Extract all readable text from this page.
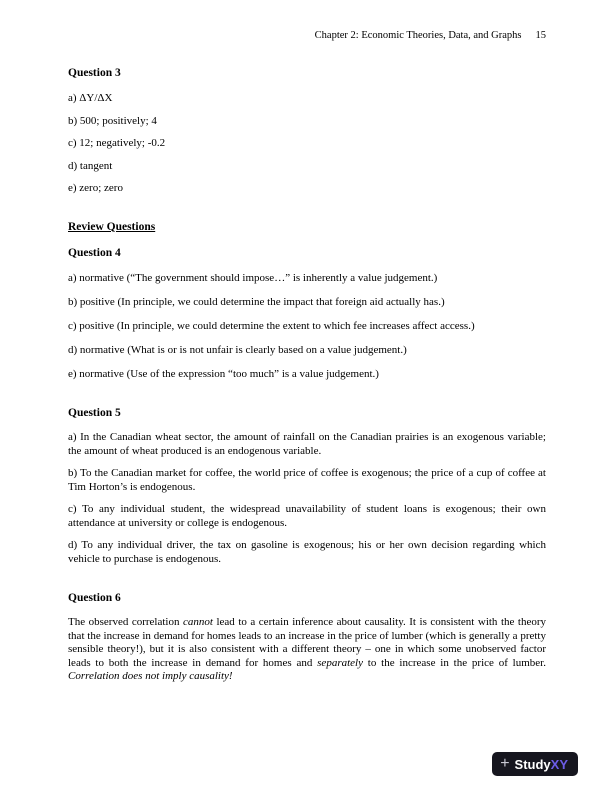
Chapter 2: Economic Theories, Data, and Graphs 15
Question 3
a) ΔY/ΔX
b) 500; positively; 4
c) 12; negatively; -0.2
d) tangent
e) zero; zero
Review Questions
Question 4
a) normative (“The government should impose…” is inherently a value judgement.)
b) positive (In principle, we could determine the impact that foreign aid actually has.)
c) positive (In principle, we could determine the extent to which fee increases affect access.)
d) normative (What is or is not unfair is clearly based on a value judgement.)
e) normative (Use of the expression “too much” is a value judgement.)
Question 5
a) In the Canadian wheat sector, the amount of rainfall on the Canadian prairies is an exogenous variable; the amount of wheat produced is an endogenous variable.
b) To the Canadian market for coffee, the world price of coffee is exogenous; the price of a cup of coffee at Tim Horton’s is endogenous.
c) To any individual student, the widespread unavailability of student loans is exogenous; their own attendance at university or college is endogenous.
d) To any individual driver, the tax on gasoline is exogenous; his or her own decision regarding which vehicle to purchase is endogenous.
Question 6
The observed correlation cannot lead to a certain inference about causality. It is consistent with the theory that the increase in demand for homes leads to an increase in the price of lumber (which is generally a pretty sensible theory!), but it is also consistent with a different theory – one in which some unobserved factor leads to both the increase in demand for homes and separately to the increase in the price of lumber. Correlation does not imply causality!
+ Study XY
